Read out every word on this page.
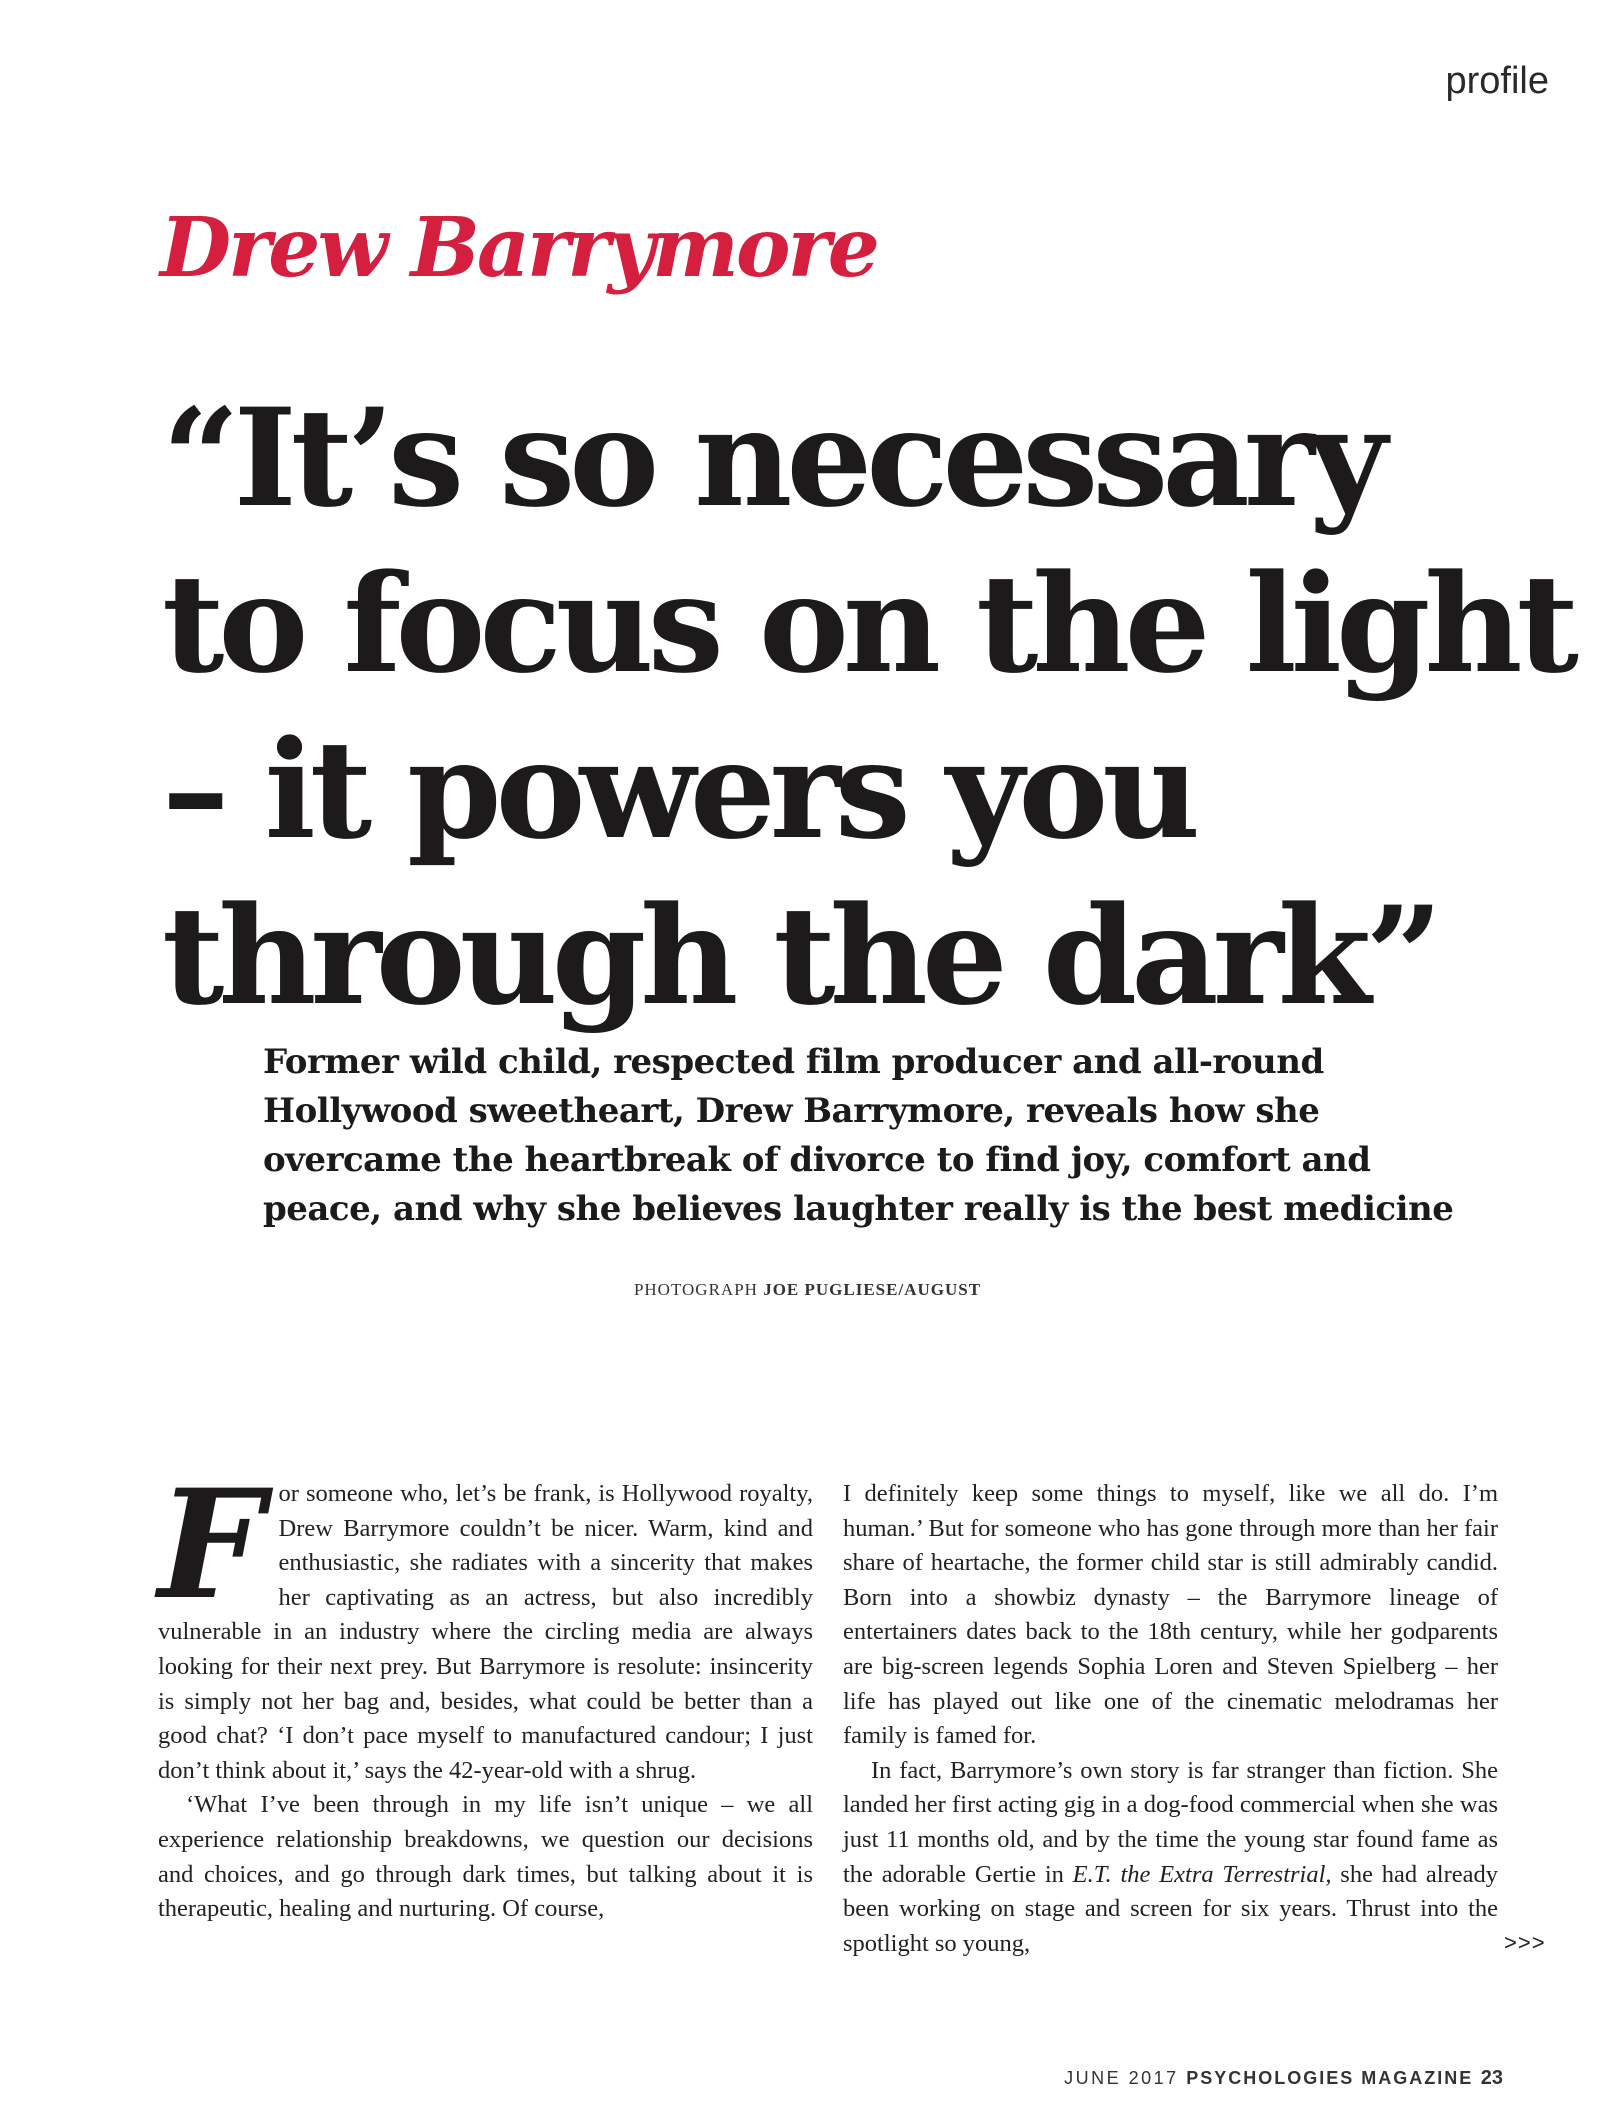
profile
Drew Barrymore
“It’s so necessary
to focus on the light
– it powers you
through the dark”
Former wild child, respected film producer and all-round
Hollywood sweetheart, Drew Barrymore, reveals how she
overcame the heartbreak of divorce to find joy, comfort and
peace, and why she believes laughter really is the best medicine
PHOTOGRAPH JOE PUGLIESE/AUGUST

For someone who, let’s be frank, is Hollywood royalty, Drew Barrymore couldn’t be nicer. Warm, kind and enthusiastic, she radiates with a sincerity that makes her captivating as an actress, but also incredibly vulnerable in an industry where the circling media are always looking for their next prey. But Barrymore is resolute: insincerity is simply not her bag and, besides, what could be better than a good chat? ‘I don’t pace myself to manufactured candour; I just don’t think about it,’ says the 42-year-old with a shrug.

‘What I’ve been through in my life isn’t unique – we all experience relationship breakdowns, we question our decisions and choices, and go through dark times, but talking about it is therapeutic, healing and nurturing. Of course,

I definitely keep some things to myself, like we all do. I’m human.’ But for someone who has gone through more than her fair share of heartache, the former child star is still admirably candid. Born into a showbiz dynasty – the Barrymore lineage of entertainers dates back to the 18th century, while her godparents are big-screen legends Sophia Loren and Steven Spielberg – her life has played out like one of the cinematic melodramas her family is famed for.

In fact, Barrymore’s own story is far stranger than fiction. She landed her first acting gig in a dog-food commercial when she was just 11 months old, and by the time the young star found fame as the adorable Gertie in E.T. the Extra Terrestrial, she had already been working on stage and screen for six years. Thrust into the spotlight so young,	>>>
JUNE 2017 PSYCHOLOGIES MAGAZINE 23
